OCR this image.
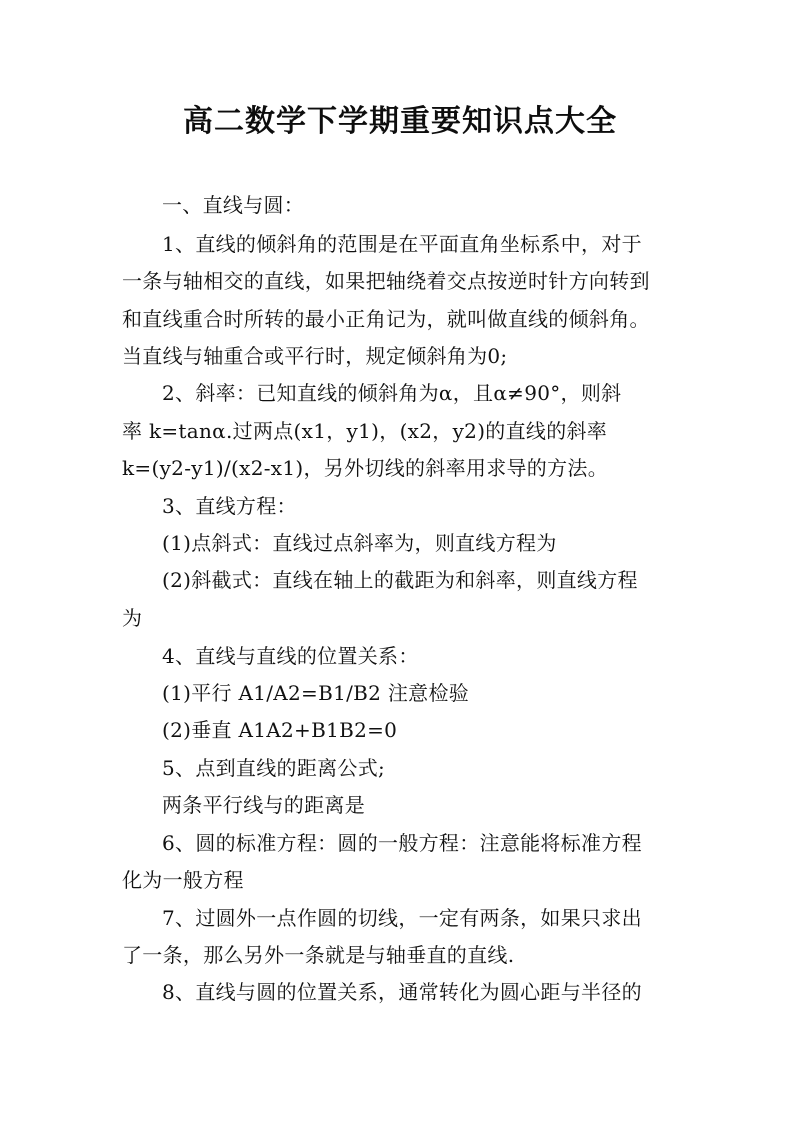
高二数学下学期重要知识点大全
一、直线与圆：
1、直线的倾斜角的范围是在平面直角坐标系中，对于
一条与轴相交的直线，如果把轴绕着交点按逆时针方向转到
和直线重合时所转的最小正角记为，就叫做直线的倾斜角。
当直线与轴重合或平行时，规定倾斜角为0;
2、斜率：已知直线的倾斜角为α，且α≠90°，则斜
率 k=tanα.过两点(x1，y1)，(x2，y2)的直线的斜率
k=(y2-y1)/(x2-x1)，另外切线的斜率用求导的方法。
3、直线方程：
(1)点斜式：直线过点斜率为，则直线方程为
(2)斜截式：直线在轴上的截距为和斜率，则直线方程
为
4、直线与直线的位置关系：
(1)平行 A1/A2=B1/B2 注意检验
(2)垂直 A1A2+B1B2=0
5、点到直线的距离公式;
两条平行线与的距离是
6、圆的标准方程：圆的一般方程：注意能将标准方程
化为一般方程
7、过圆外一点作圆的切线，一定有两条，如果只求出
了一条，那么另外一条就是与轴垂直的直线.
8、直线与圆的位置关系，通常转化为圆心距与半径的
